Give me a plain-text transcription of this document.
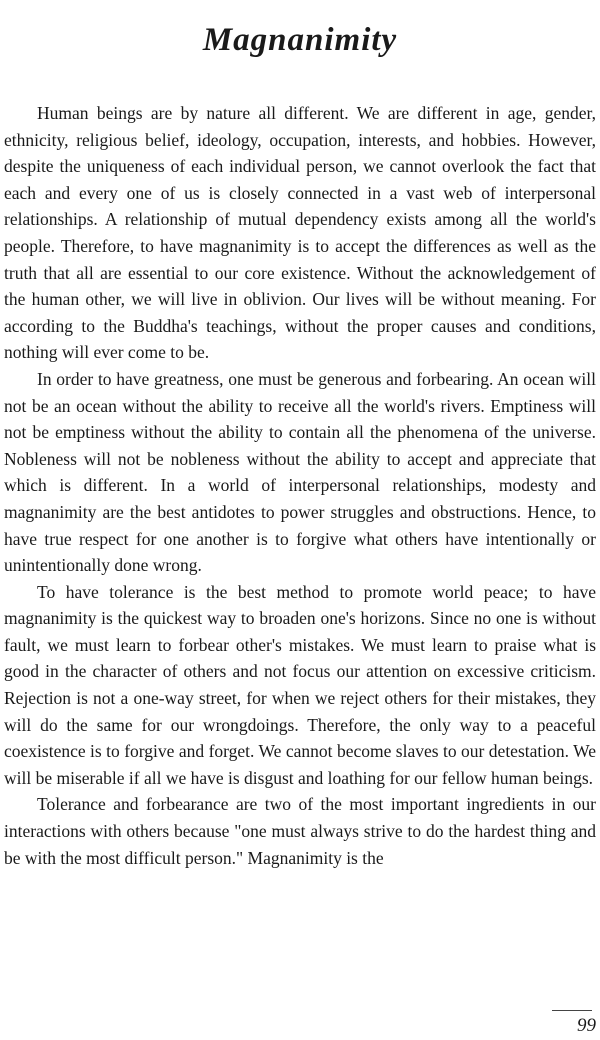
Magnanimity

Human beings are by nature all different. We are different in age, gender, ethnicity, religious belief, ideology, occupation, interests, and hobbies. However, despite the uniqueness of each individual person, we cannot overlook the fact that each and every one of us is closely connected in a vast web of interpersonal relationships. A relationship of mutual dependency exists among all the world's people. Therefore, to have magnanimity is to accept the differences as well as the truth that all are essential to our core existence. Without the acknowledgement of the human other, we will live in oblivion. Our lives will be without meaning. For according to the Buddha's teachings, without the proper causes and conditions, nothing will ever come to be.

In order to have greatness, one must be generous and forbearing. An ocean will not be an ocean without the ability to receive all the world's rivers. Emptiness will not be emptiness without the ability to contain all the phenomena of the universe. Nobleness will not be nobleness without the ability to accept and appreciate that which is different. In a world of interpersonal relationships, modesty and magnanimity are the best antidotes to power struggles and obstructions. Hence, to have true respect for one another is to forgive what others have intentionally or unintentionally done wrong.

To have tolerance is the best method to promote world peace; to have magnanimity is the quickest way to broaden one's horizons. Since no one is without fault, we must learn to forbear other's mistakes. We must learn to praise what is good in the character of others and not focus our attention on excessive criticism. Rejection is not a one-way street, for when we reject others for their mistakes, they will do the same for our wrongdoings. Therefore, the only way to a peaceful coexistence is to forgive and forget. We cannot become slaves to our detestation. We will be miserable if all we have is disgust and loathing for our fellow human beings.

Tolerance and forbearance are two of the most important ingredients in our interactions with others because "one must always strive to do the hardest thing and be with the most difficult person." Magnanimity is the

99
